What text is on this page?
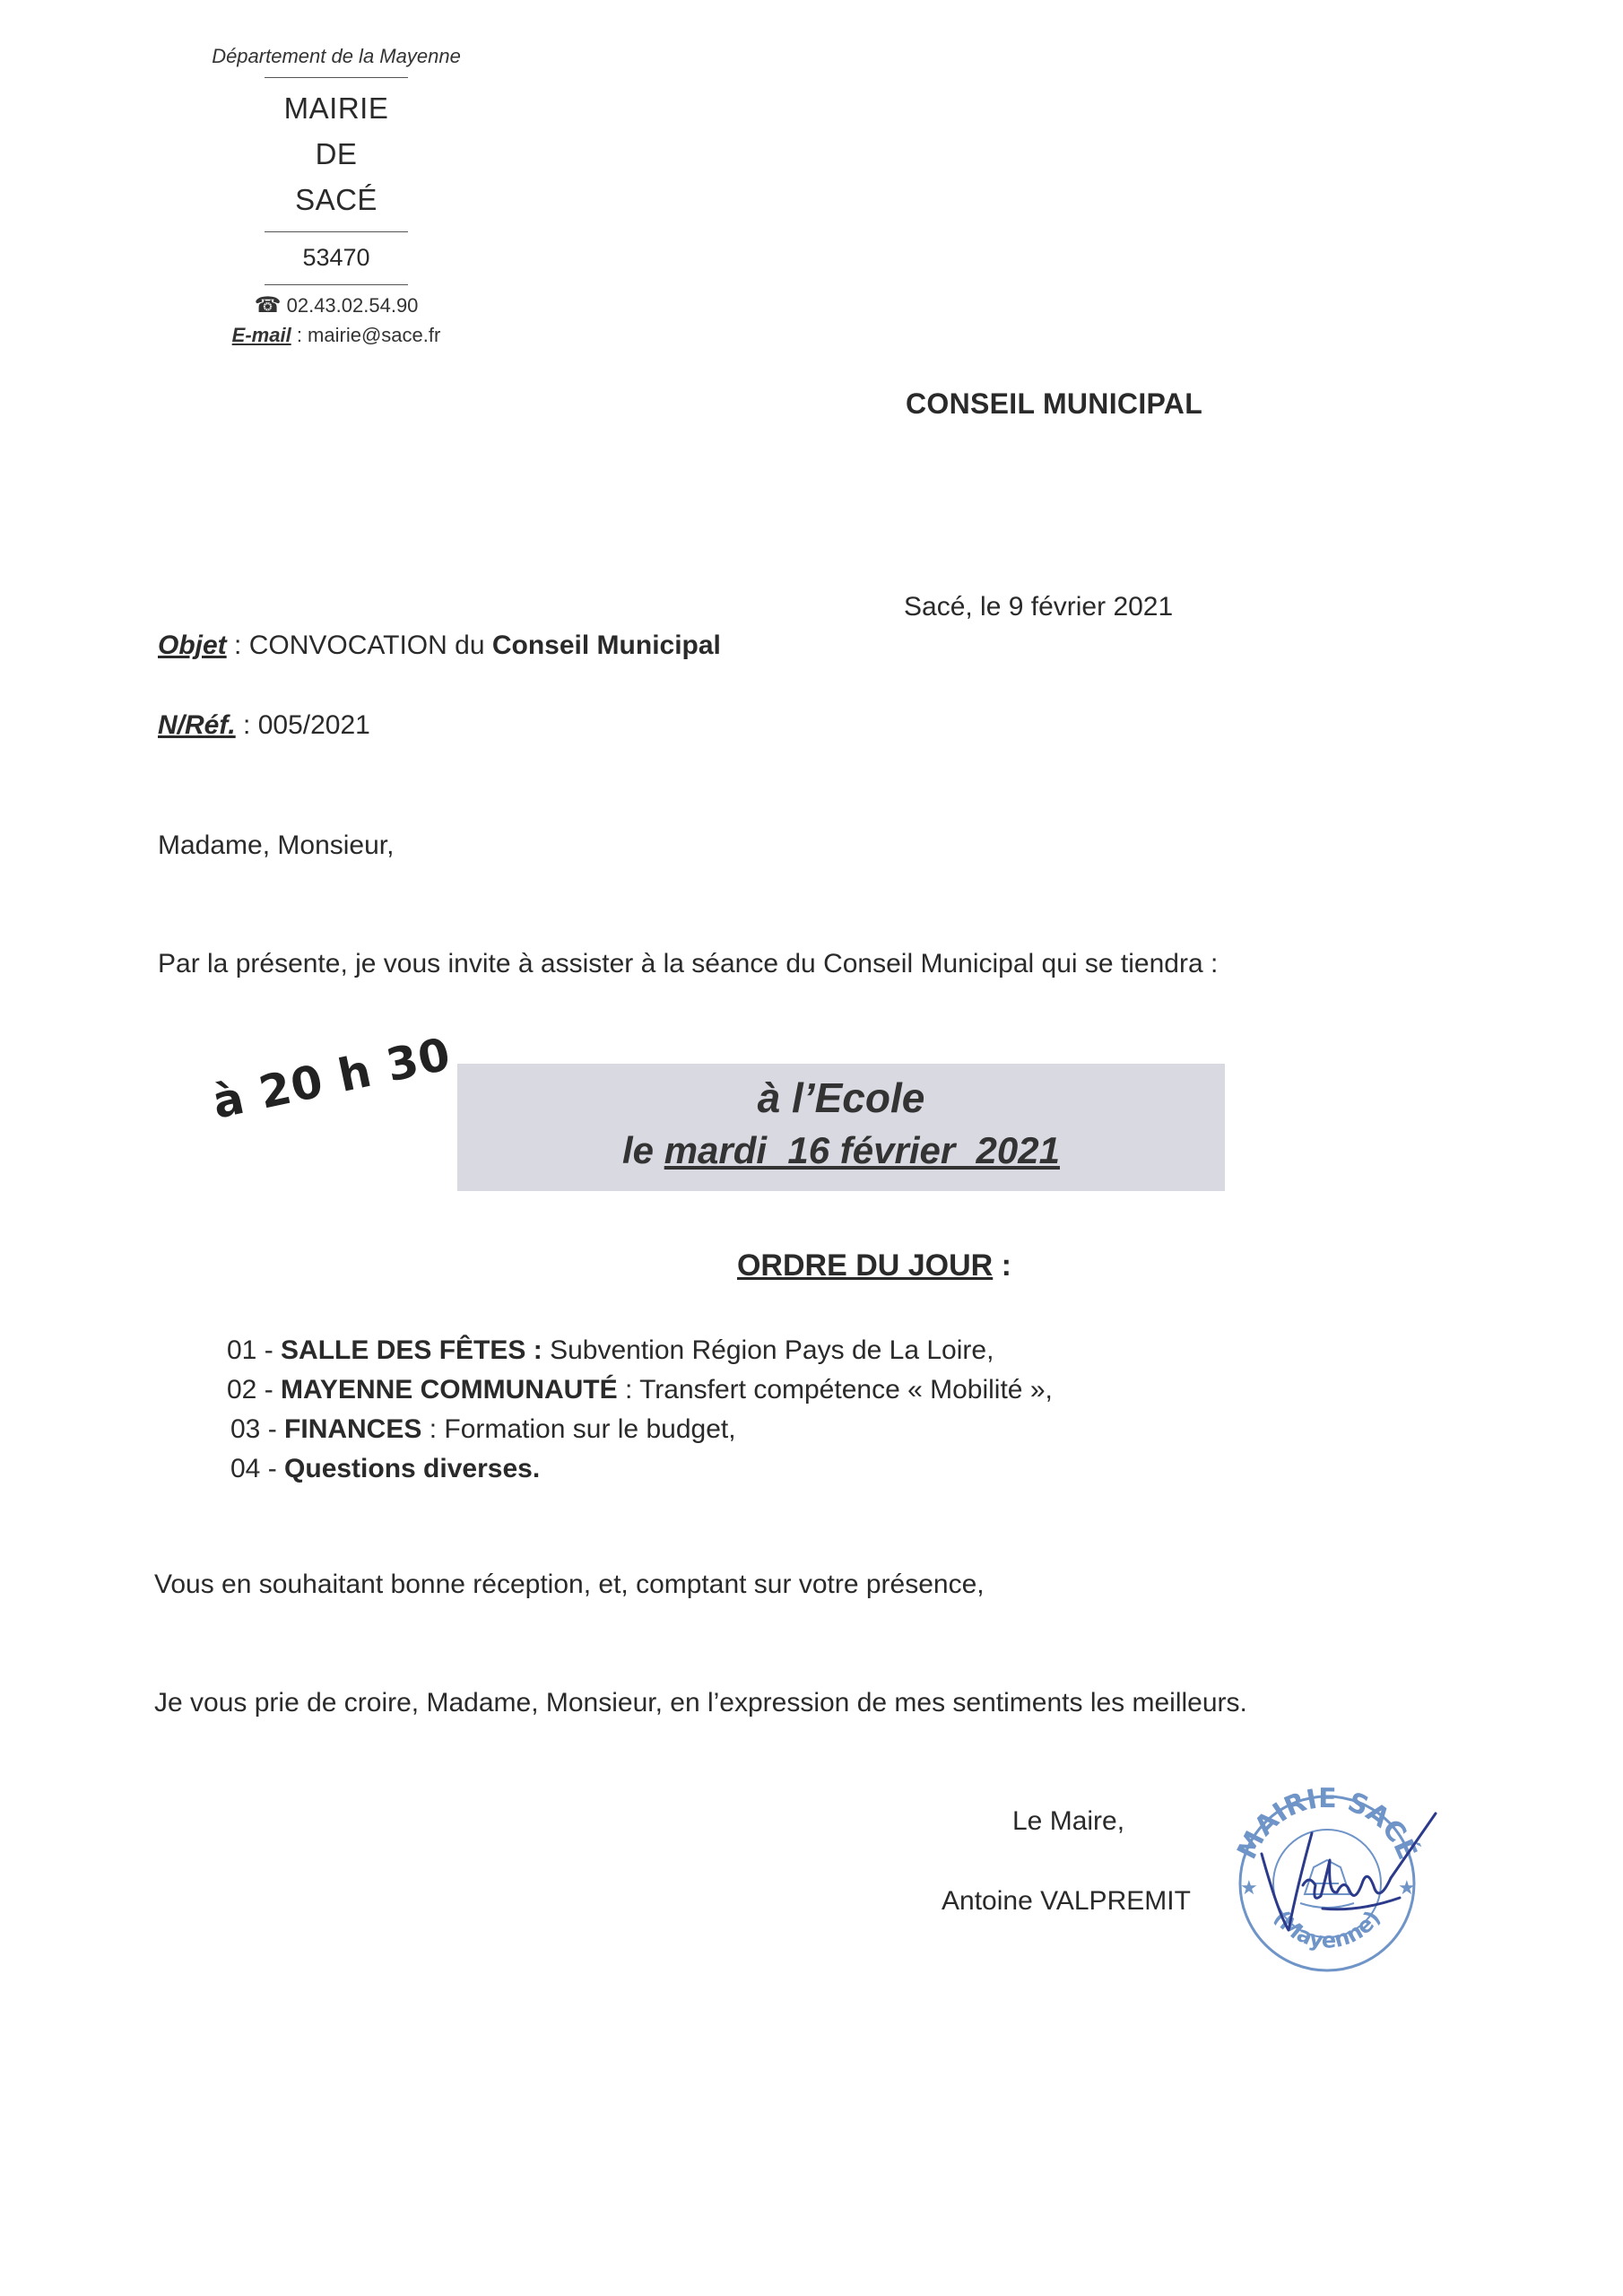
Département de la Mayenne
MAIRIE
DE
SACÉ
53470
☎ 02.43.02.54.90
E-mail : mairie@sace.fr
CONSEIL MUNICIPAL
Sacé, le 9 février 2021
Objet : CONVOCATION du Conseil Municipal
N/Réf. : 005/2021
Madame, Monsieur,
Par la présente, je vous invite à assister à la séance du Conseil Municipal qui se tiendra :
à 20 h 30	à l’Ecole
le mardi  16 février  2021
ORDRE DU JOUR :
01 - SALLE DES FÊTES : Subvention Région Pays de La Loire,
02 - MAYENNE COMMUNAUTÉ : Transfert compétence « Mobilité »,
03 - FINANCES : Formation sur le budget,
04 - Questions diverses.
Vous en souhaitant bonne réception, et, comptant sur votre présence,
Je vous prie de croire, Madame, Monsieur, en l’expression de mes sentiments les meilleurs.
Le Maire,
Antoine VALPREMIT
MAIRIE SACÉ
(Mayenne)
★	★
